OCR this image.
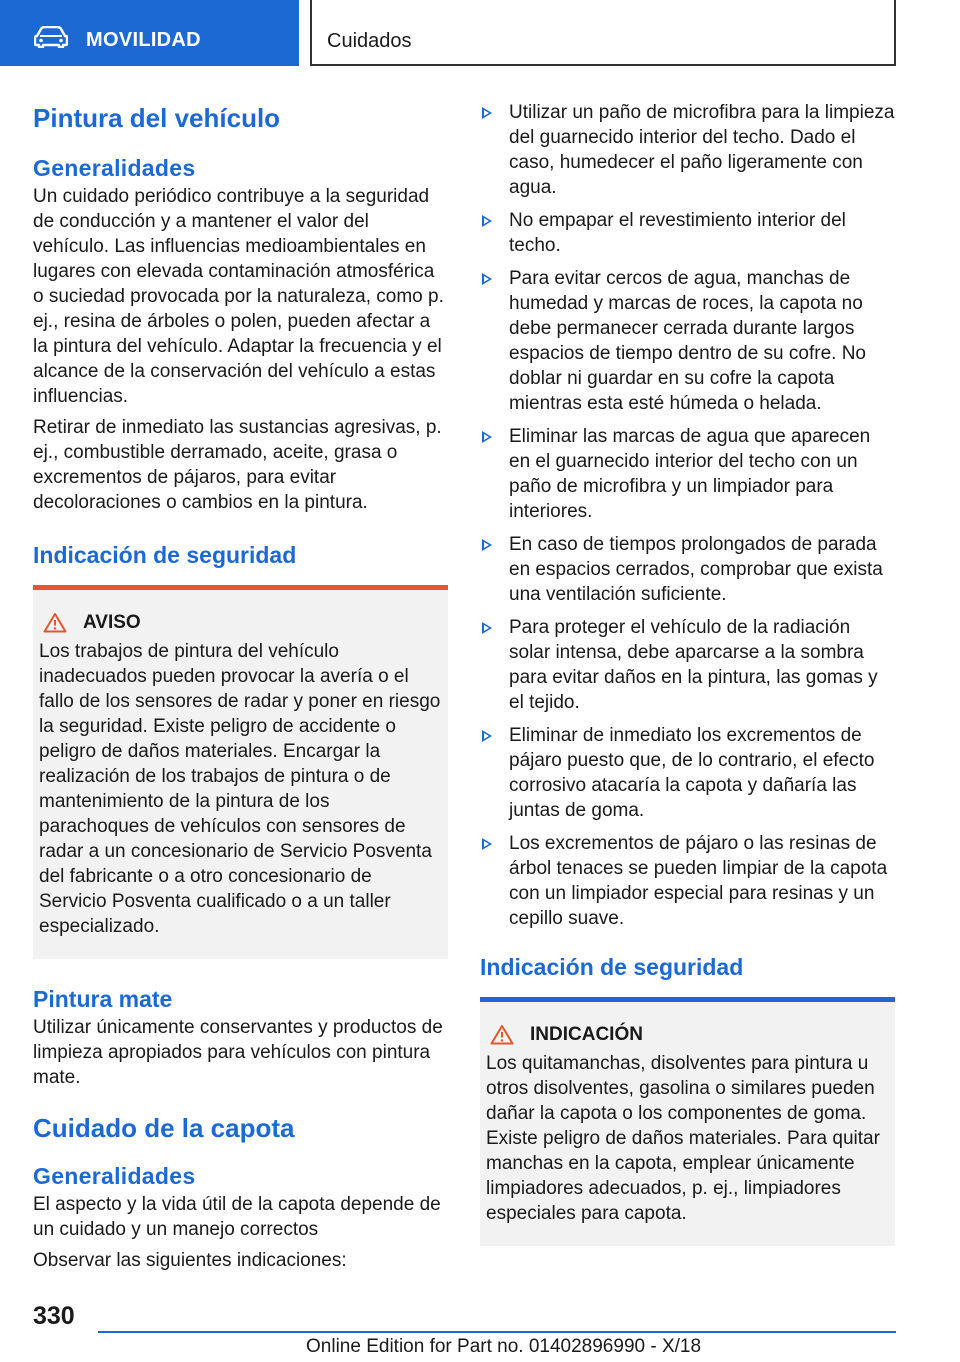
MOVILIDAD	Cuidados
Pintura del vehículo
Generalidades

Un cuidado periódico contribuye a la seguridad de conducción y a mantener el valor del vehículo. Las influencias medioambientales en lugares con elevada contaminación atmosférica o suciedad provocada por la naturaleza, como p. ej., resina de árboles o polen, pueden afectar a la pintura del vehículo. Adaptar la frecuencia y el alcance de la conservación del vehículo a estas influencias.

Retirar de inmediato las sustancias agresivas, p. ej., combustible derramado, aceite, grasa o excrementos de pájaros, para evitar decoloraciones o cambios en la pintura.

Indicación de seguridad
AVISO

Los trabajos de pintura del vehículo inadecuados pueden provocar la avería o el fallo de los sensores de radar y poner en riesgo la seguridad. Existe peligro de accidente o peligro de daños materiales. Encargar la realización de los trabajos de pintura o de mantenimiento de la pintura de los parachoques de vehículos con sensores de radar a un concesionario de Servicio Posventa del fabricante o a otro concesionario de Servicio Posventa cualificado o a un taller especializado.

Pintura mate

Utilizar únicamente conservantes y productos de limpieza apropiados para vehículos con pintura mate.

Cuidado de la capota
Generalidades

El aspecto y la vida útil de la capota depende de un cuidado y un manejo correctos

Observar las siguientes indicaciones:

Utilizar un paño de microfibra para la limpieza del guarnecido interior del techo. Dado el caso, humedecer el paño ligeramente con agua.
No empapar el revestimiento interior del techo.
Para evitar cercos de agua, manchas de humedad y marcas de roces, la capota no debe permanecer cerrada durante largos espacios de tiempo dentro de su cofre. No doblar ni guardar en su cofre la capota mientras esta esté húmeda o helada.
Eliminar las marcas de agua que aparecen en el guarnecido interior del techo con un paño de microfibra y un limpiador para interiores.
En caso de tiempos prolongados de parada en espacios cerrados, comprobar que exista una ventilación suficiente.
Para proteger el vehículo de la radiación solar intensa, debe aparcarse a la sombra para evitar daños en la pintura, las gomas y el tejido.
Eliminar de inmediato los excrementos de pájaro puesto que, de lo contrario, el efecto corrosivo atacaría la capota y dañaría las juntas de goma.
Los excrementos de pájaro o las resinas de árbol tenaces se pueden limpiar de la capota con un limpiador especial para resinas y un cepillo suave.
Indicación de seguridad
INDICACIÓN

Los quitamanchas, disolventes para pintura u otros disolventes, gasolina o similares pueden dañar la capota o los componentes de goma. Existe peligro de daños materiales. Para quitar manchas en la capota, emplear únicamente limpiadores adecuados, p. ej., limpiadores especiales para capota.

330
Online Edition for Part no. 01402896990 - X/18
